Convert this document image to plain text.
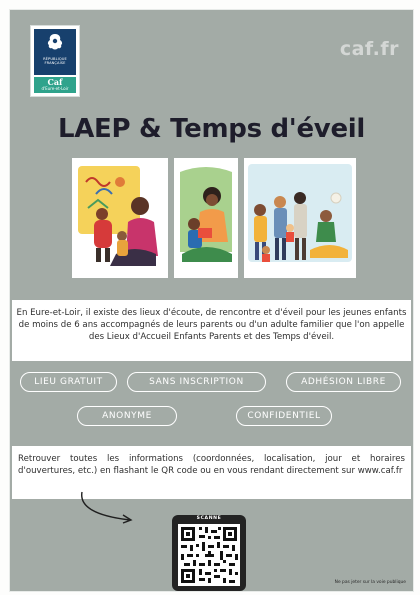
RÉPUBLIQUE FRANÇAISE
Caf
d'Eure-et-Loir
caf.fr
LAEP & Temps d'éveil

En Eure-et-Loir, il existe des lieux d'écoute, de rencontre et d'éveil pour les jeunes enfants de moins de 6 ans accompagnés de leurs parents ou d'un adulte familier que l'on appelle des Lieux d'Accueil Enfants Parents et des Temps d'éveil.

LIEU GRATUIT	SANS INSCRIPTION	ADHÉSION LIBRE
ANONYME	CONFIDENTIEL

Retrouver toutes les informations (coordonnées, localisation, jour et horaires d'ouvertures, etc.) en flashant le QR code ou en vous rendant directement sur www.caf.fr

SCANNE
Ne pas jeter sur la voie publique
